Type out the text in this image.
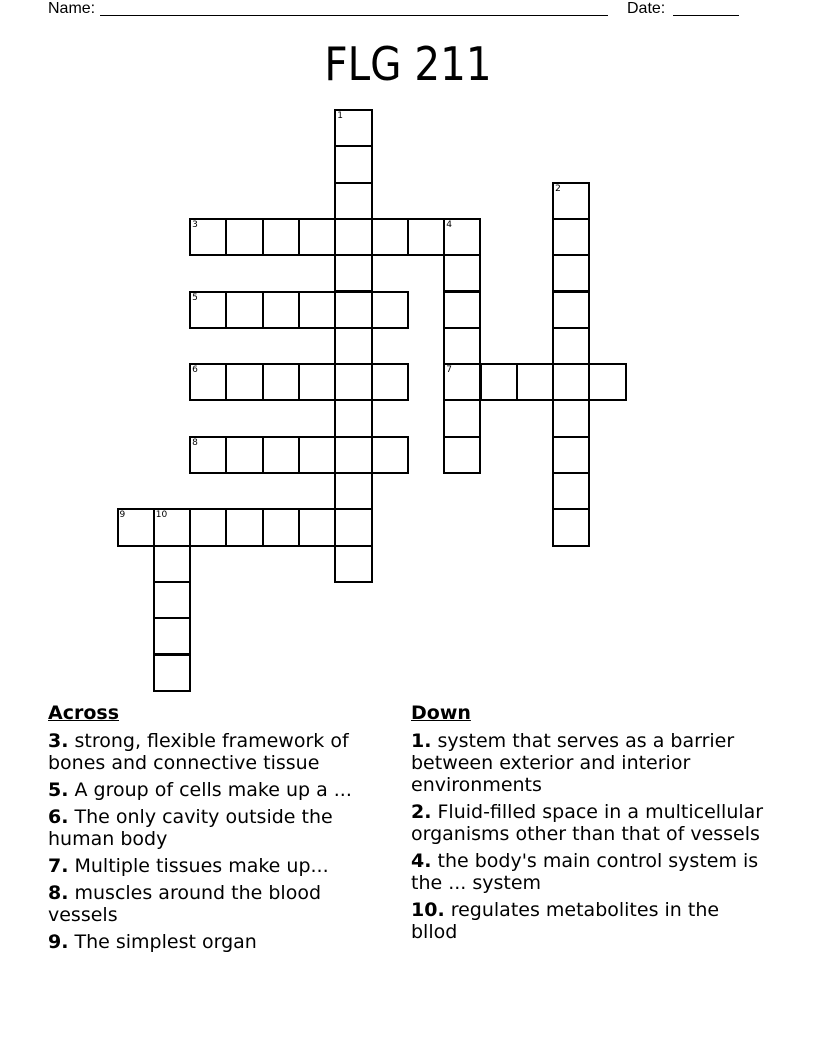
Name:	Date:
FLG 211
1
2
3	4
7
5
6
8
9	10
Across
3. strong, flexible framework of bones and connective tissue
5. A group of cells make up a ...
6. The only cavity outside the human body
7. Multiple tissues make up...
8. muscles around the blood vessels
9. The simplest organ
Down
1. system that serves as a barrier between exterior and interior environments
2. Fluid-filled space in a multicellular organisms other than that of vessels
4. the body's main control system is the ... system
10. regulates metabolites in the bllod
